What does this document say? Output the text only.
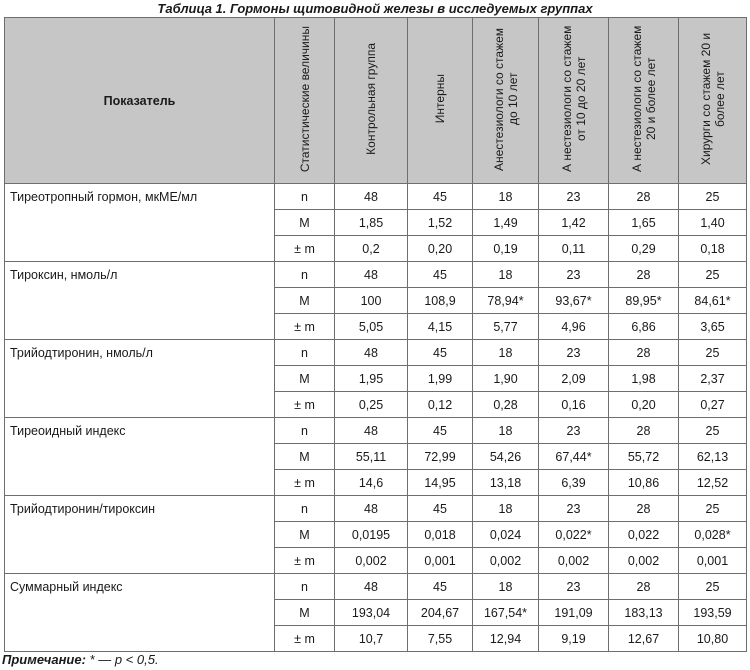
Таблица 1. Гормоны щитовидной железы в исследуемых группах
Показатель	Статистические величины	Контрольная группа	Интерны	Анестезиологи со стажем до 10 лет	А нестезиологи со стажем от 10 до 20 лет	А нестезиологи со стажем 20 и более лет	Хирурги со стажем 20 и более лет
Тиреотропный гормон, мкМЕ/мл	n	48	45	18	23	28	25
	М	1,85	1,52	1,49	1,42	1,65	1,40
	± m	0,2	0,20	0,19	0,11	0,29	0,18
Тироксин, нмоль/л	n	48	45	18	23	28	25
	М	100	108,9	78,94*	93,67*	89,95*	84,61*
	± m	5,05	4,15	5,77	4,96	6,86	3,65
Трийодтиронин, нмоль/л	n	48	45	18	23	28	25
	М	1,95	1,99	1,90	2,09	1,98	2,37
	± m	0,25	0,12	0,28	0,16	0,20	0,27
Тиреоидный индекс	n	48	45	18	23	28	25
	М	55,11	72,99	54,26	67,44*	55,72	62,13
	± m	14,6	14,95	13,18	6,39	10,86	12,52
Трийодтиронин/тироксин	n	48	45	18	23	28	25
	М	0,0195	0,018	0,024	0,022*	0,022	0,028*
	± m	0,002	0,001	0,002	0,002	0,002	0,001
Суммарный индекс	n	48	45	18	23	28	25
	М	193,04	204,67	167,54*	191,09	183,13	193,59
	± m	10,7	7,55	12,94	9,19	12,67	10,80
Примечание: * — р < 0,5.
